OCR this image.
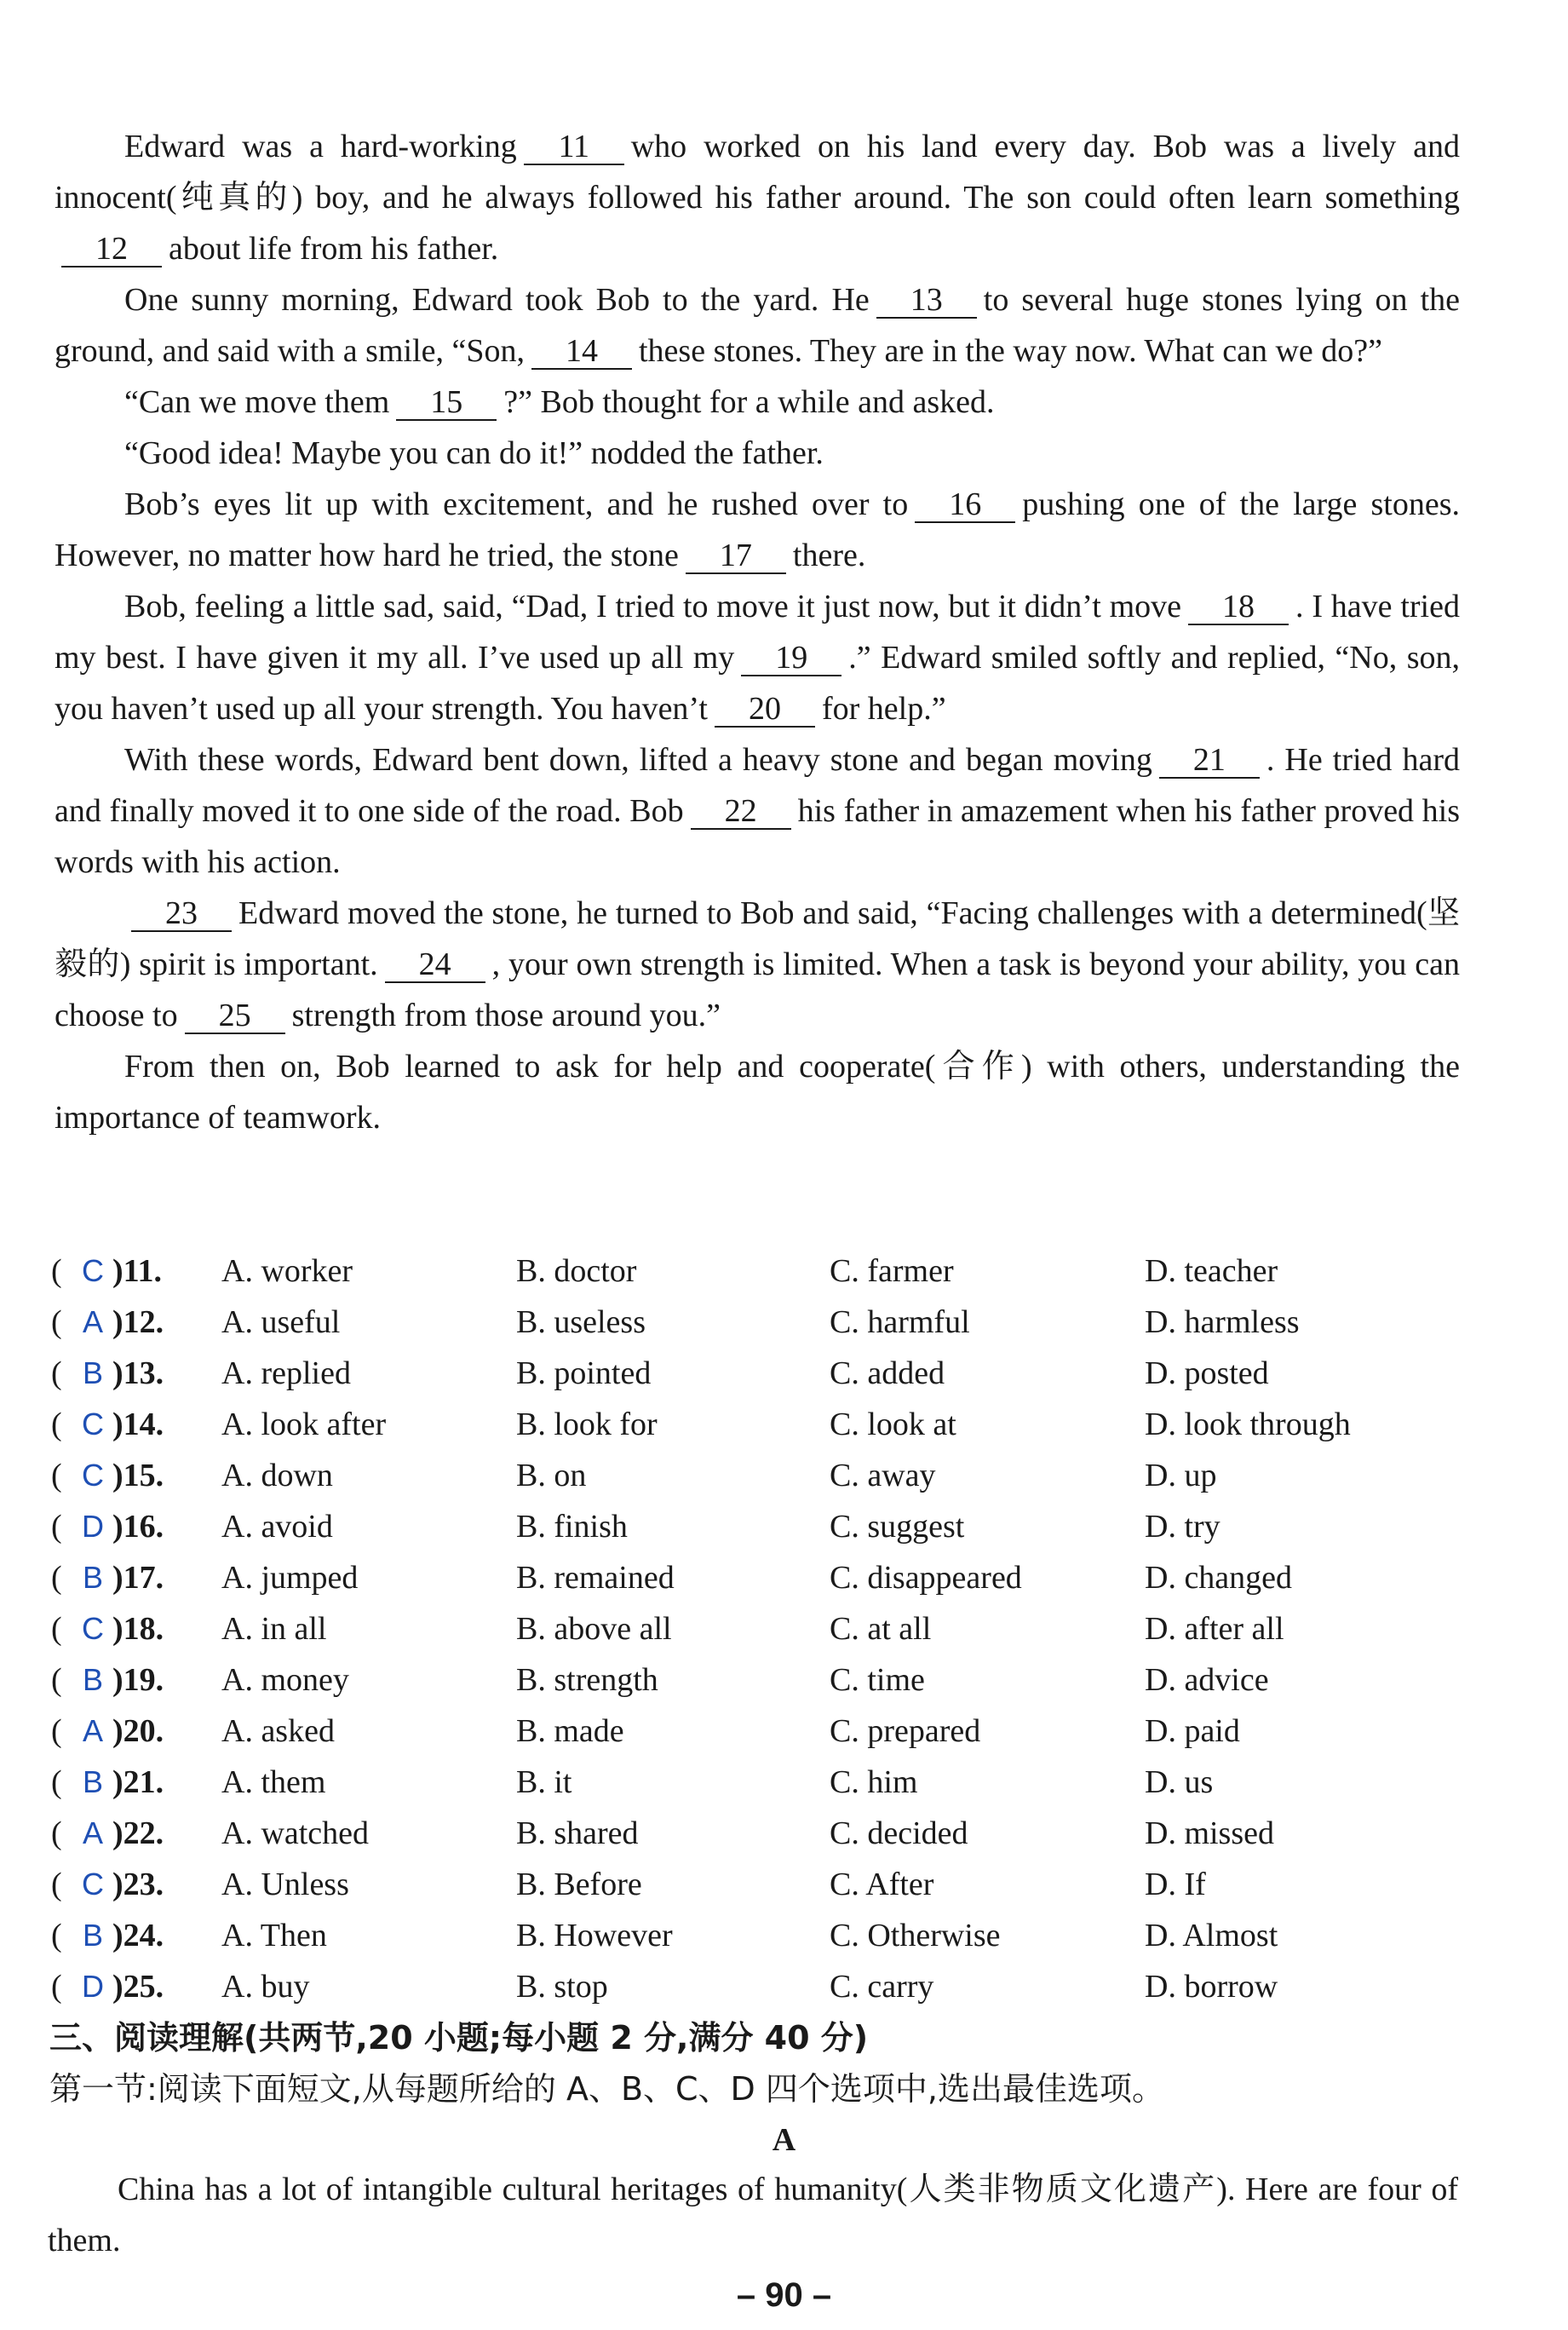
Edward was a hard-working 11 who worked on his land every day. Bob was a lively and innocent(纯真的) boy, and he always followed his father around. The son could often learn something12 about life from his father.

One sunny morning, Edward took Bob to the yard. He 13 to several huge stones lying on the ground, and said with a smile, “Son, 14 these stones. They are in the way now. What can we do?”

“Can we move them 15 ?” Bob thought for a while and asked.

“Good idea! Maybe you can do it!” nodded the father.

Bob’s eyes lit up with excitement, and he rushed over to 16 pushing one of the large stones. However, no matter how hard he tried, the stone 17 there.

Bob, feeling a little sad, said, “Dad, I tried to move it just now, but it didn’t move 18 . I have tried my best. I have given it my all. I’ve used up all my 19 .” Edward smiled softly and replied, “No, son, you haven’t used up all your strength. You haven’t 20 for help.”

With these words, Edward bent down, lifted a heavy stone and began moving 21 . He tried hard and finally moved it to one side of the road. Bob 22 his father in amazement when his father proved his words with his action.

23 Edward moved the stone, he turned to Bob and said, “Facing challenges with a determined(坚毅的) spirit is important. 24 , your own strength is limited. When a task is beyond your ability, you can choose to 25 strength from those around you.”

From then on, Bob learned to ask for help and cooperate(合作) with others, understanding the importance of teamwork.

( C )11. A. worker	B. doctor	C. farmer	D. teacher
( A )12. A. useful	B. useless	C. harmful	D. harmless
( B )13. A. replied	B. pointed	C. added	D. posted
( C )14. A. look after	B. look for	C. look at	D. look through
( C )15. A. down	B. on	C. away	D. up
( D )16. A. avoid	B. finish	C. suggest	D. try
( B )17. A. jumped	B. remained	C. disappeared	D. changed
( C )18. A. in all	B. above all	C. at all	D. after all
( B )19. A. money	B. strength	C. time	D. advice
( A )20. A. asked	B. made	C. prepared	D. paid
( B )21. A. them	B. it	C. him	D. us
( A )22. A. watched	B. shared	C. decided	D. missed
( C )23. A. Unless	B. Before	C. After	D. If
( B )24. A. Then	B. However	C. Otherwise	D. Almost
( D )25. A. buy	B. stop	C. carry	D. borrow
三、阅读理解(共两节,20 小题;每小题 2 分,满分 40 分)
第一节:阅读下面短文,从每题所给的 A、B、C、D 四个选项中,选出最佳选项。
A

China has a lot of intangible cultural heritages of humanity(人类非物质文化遗产). Here are four of them.

– 90 –
